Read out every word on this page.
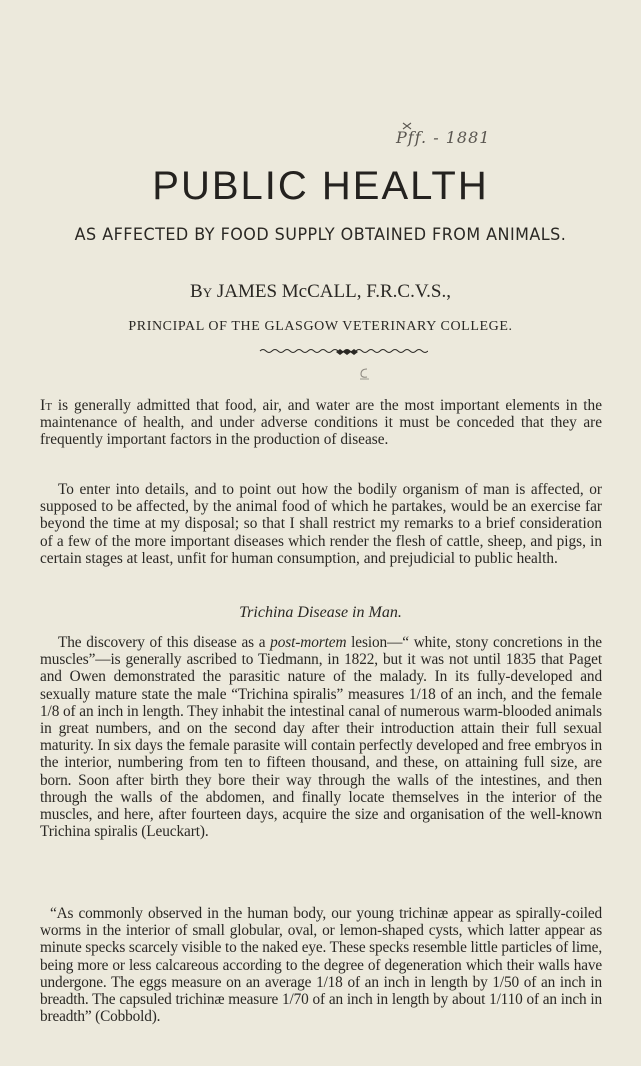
Pff. - 1881
PUBLIC HEALTH
AS AFFECTED BY FOOD SUPPLY OBTAINED FROM ANIMALS.
By JAMES McCALL, F.R.C.V.S.,
PRINCIPAL OF THE GLASGOW VETERINARY COLLEGE.

It is generally admitted that food, air, and water are the most important elements in the maintenance of health, and under adverse conditions it must be conceded that they are frequently important factors in the production of disease.

To enter into details, and to point out how the bodily organism of man is affected, or supposed to be affected, by the animal food of which he partakes, would be an exercise far beyond the time at my disposal; so that I shall restrict my remarks to a brief consideration of a few of the more important diseases which render the flesh of cattle, sheep, and pigs, in certain stages at least, unfit for human consumption, and prejudicial to public health.

Trichina Disease in Man.

The discovery of this disease as a post-mortem lesion—“ white, stony concretions in the muscles”—is generally ascribed to Tiedmann, in 1822, but it was not until 1835 that Paget and Owen demonstrated the parasitic nature of the malady. In its fully-developed and sexually mature state the male “Trichina spiralis” measures 1/18 of an inch, and the female 1/8 of an inch in length. They inhabit the intestinal canal of numerous warm-blooded animals in great numbers, and on the second day after their introduction attain their full sexual maturity. In six days the female parasite will contain perfectly developed and free embryos in the interior, numbering from ten to fifteen thousand, and these, on attaining full size, are born. Soon after birth they bore their way through the walls of the intestines, and then through the walls of the abdomen, and finally locate themselves in the interior of the muscles, and here, after fourteen days, acquire the size and organisation of the well-known Trichina spiralis (Leuckart).

“As commonly observed in the human body, our young trichinæ appear as spirally-coiled worms in the interior of small globular, oval, or lemon-shaped cysts, which latter appear as minute specks scarcely visible to the naked eye. These specks resemble little particles of lime, being more or less calcareous according to the degree of degeneration which their walls have undergone. The eggs measure on an average 1/18 of an inch in length by 1/50 of an inch in breadth. The capsuled trichinæ measure 1/70 of an inch in length by about 1/110 of an inch in breadth” (Cobbold).
